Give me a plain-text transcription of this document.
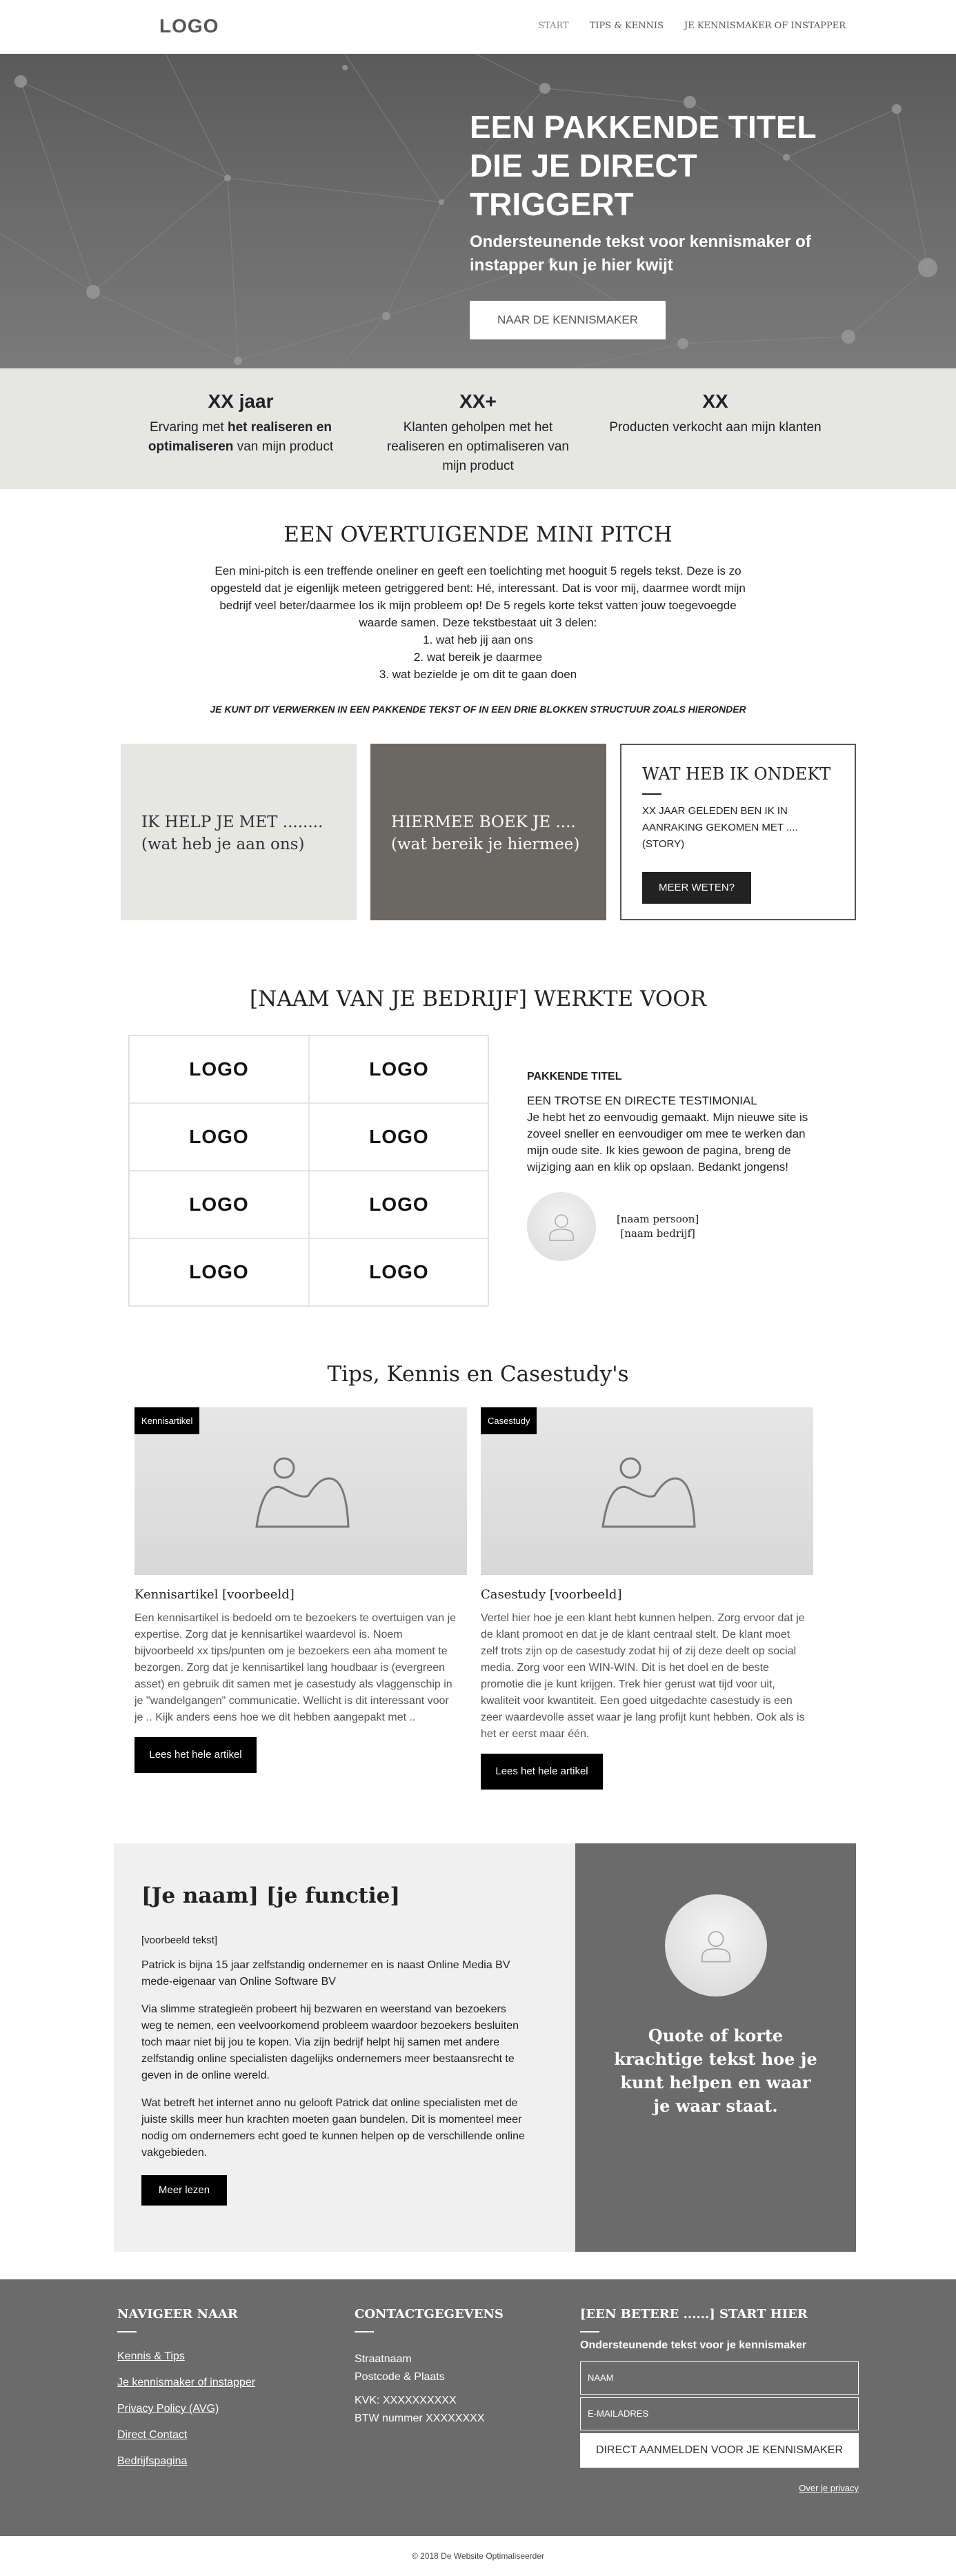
LOGO	START TIPS & KENNIS JE KENNISMAKER OF INSTAPPER
EEN PAKKENDE TITEL
DIE JE DIRECT TRIGGERT

Ondersteunende tekst voor kennismaker of instapper kun je hier kwijt

NAAR DE KENNISMAKER
XX jaar
Ervaring met het realiseren en optimaliseren van mijn product
XX+
Klanten geholpen met het realiseren en optimaliseren van mijn product
XX
Producten verkocht aan mijn klanten
EEN OVERTUIGENDE MINI PITCH

Een mini-pitch is een treffende oneliner en geeft een toelichting met hooguit 5 regels tekst. Deze is zo opgesteld dat je eigenlijk meteen getriggered bent: Hé, interessant. Dat is voor mij, daarmee wordt mijn bedrijf veel beter/daarmee los ik mijn probleem op! De 5 regels korte tekst vatten jouw toegevoegde waarde samen. Deze tekstbestaat uit 3 delen:

1. wat heb jij aan ons

2. wat bereik je daarmee

3. wat bezielde je om dit te gaan doen

JE KUNT DIT VERWERKEN IN EEN PAKKENDE TEKST OF IN EEN DRIE BLOKKEN STRUCTUUR ZOALS HIERONDER

IK HELP JE MET ........
(wat heb je aan ons)
HIERMEE BOEK JE ....
(wat bereik je hiermee)
WAT HEB IK ONDEKT
XX JAAR GELEDEN BEN IK IN AANRAKING GEKOMEN MET .... (STORY)
MEER WETEN?
[NAAM VAN JE BEDRIJF] WERKTE VOOR
LOGO	LOGO
LOGO	LOGO
LOGO	LOGO
LOGO	LOGO
PAKKENDE TITEL
EEN TROTSE EN DIRECTE TESTIMONIAL
Je hebt het zo eenvoudig gemaakt. Mijn nieuwe site is zoveel sneller en eenvoudiger om mee te werken dan mijn oude site. Ik kies gewoon de pagina, breng de wijziging aan en klik op opslaan. Bedankt jongens!
[naam persoon]
[naam bedrijf]
Tips, Kennis en Casestudy's
Kennisartikel
Kennisartikel [voorbeeld]
Een kennisartikel is bedoeld om te bezoekers te overtuigen van je expertise. Zorg dat je kennisartikel waardevol is. Noem bijvoorbeeld xx tips/punten om je bezoekers een aha moment te bezorgen. Zorg dat je kennisartikel lang houdbaar is (evergreen asset) en gebruik dit samen met je casestudy als vlaggenschip in je "wandelgangen" communicatie. Wellicht is dit interessant voor je .. Kijk anders eens hoe we dit hebben aangepakt met ..
Lees het hele artikel
Casestudy
Casestudy [voorbeeld]
Vertel hier hoe je een klant hebt kunnen helpen. Zorg ervoor dat je de klant promoot en dat je de klant centraal stelt. De klant moet zelf trots zijn op de casestudy zodat hij of zij deze deelt op social media. Zorg voor een WIN-WIN. Dit is het doel en de beste promotie die je kunt krijgen. Trek hier gerust wat tijd voor uit, kwaliteit voor kwantiteit. Een goed uitgedachte casestudy is een zeer waardevolle asset waar je lang profijt kunt hebben. Ook als is het er eerst maar één.
Lees het hele artikel
[Je naam] [je functie]

[voorbeeld tekst]

Patrick is bijna 15 jaar zelfstandig ondernemer en is naast Online Media BV mede-eigenaar van Online Software BV

Via slimme strategieën probeert hij bezwaren en weerstand van bezoekers weg te nemen, een veelvoorkomend probleem waardoor bezoekers besluiten toch maar niet bij jou te kopen. Via zijn bedrijf helpt hij samen met andere zelfstandig online specialisten dagelijks ondernemers meer bestaansrecht te geven in de online wereld.

Wat betreft het internet anno nu gelooft Patrick dat online specialisten met de juiste skills meer hun krachten moeten gaan bundelen. Dit is momenteel meer nodig om ondernemers echt goed te kunnen helpen op de verschillende online vakgebieden.

Meer lezen

Quote of korte krachtige tekst hoe je kunt helpen en waar je waar staat.

NAVIGEER NAAR
Kennis & Tips
Je kennismaker of instapper
Privacy Policy (AVG)
Direct Contact
Bedrijfspagina
CONTACTGEGEVENS
Straatnaam
Postcode & Plaats
KVK: XXXXXXXXXX
BTW nummer XXXXXXXX
[EEN BETERE ......] START HIER
Ondersteunende tekst voor je kennismaker
NAAM
E-MAILADRES
DIRECT AANMELDEN VOOR JE KENNISMAKER
Over je privacy
© 2018 De Website Optimaliseerder
